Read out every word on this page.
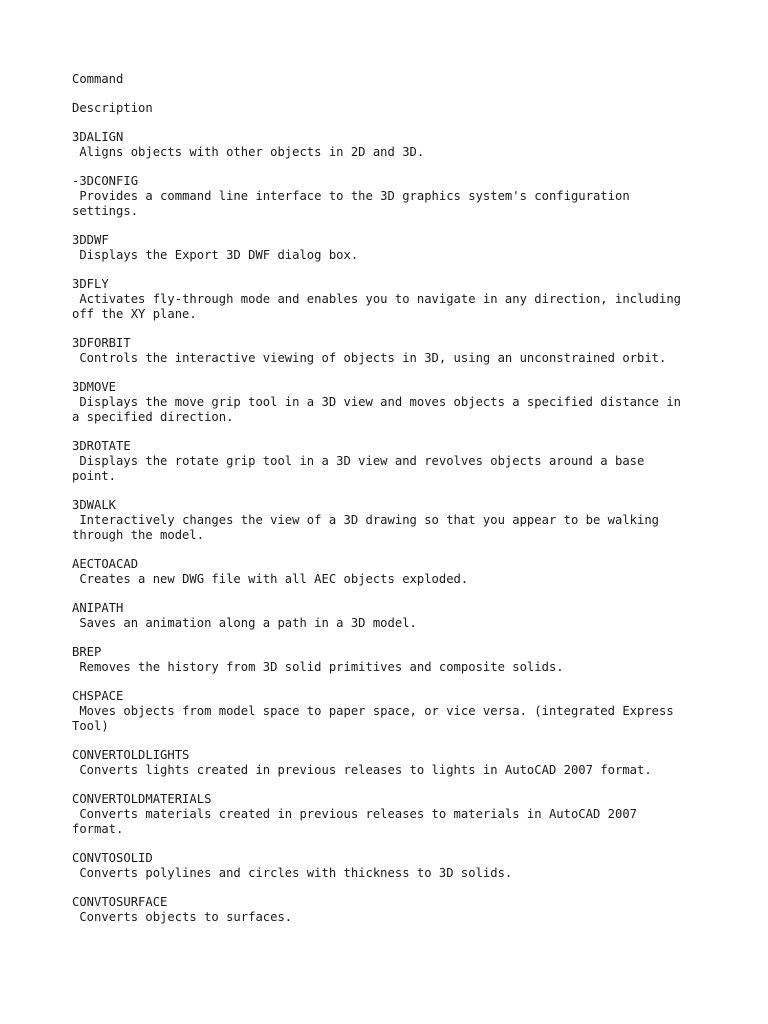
Command

Description

3DALIGN
Aligns objects with other objects in 2D and 3D.
-3DCONFIG
Provides a command line interface to the 3D graphics system's configuration
settings.
3DDWF
Displays the Export 3D DWF dialog box.
3DFLY
Activates fly-through mode and enables you to navigate in any direction, including
off the XY plane.
3DFORBIT
Controls the interactive viewing of objects in 3D, using an unconstrained orbit.
3DMOVE
Displays the move grip tool in a 3D view and moves objects a specified distance in
a specified direction.
3DROTATE
Displays the rotate grip tool in a 3D view and revolves objects around a base
point.
3DWALK
Interactively changes the view of a 3D drawing so that you appear to be walking
through the model.
AECTOACAD
Creates a new DWG file with all AEC objects exploded.
ANIPATH
Saves an animation along a path in a 3D model.
BREP
Removes the history from 3D solid primitives and composite solids.
CHSPACE
Moves objects from model space to paper space, or vice versa. (integrated Express
Tool)
CONVERTOLDLIGHTS
Converts lights created in previous releases to lights in AutoCAD 2007 format.
CONVERTOLDMATERIALS
Converts materials created in previous releases to materials in AutoCAD 2007
format.
CONVTOSOLID
Converts polylines and circles with thickness to 3D solids.
CONVTOSURFACE
Converts objects to surfaces.
